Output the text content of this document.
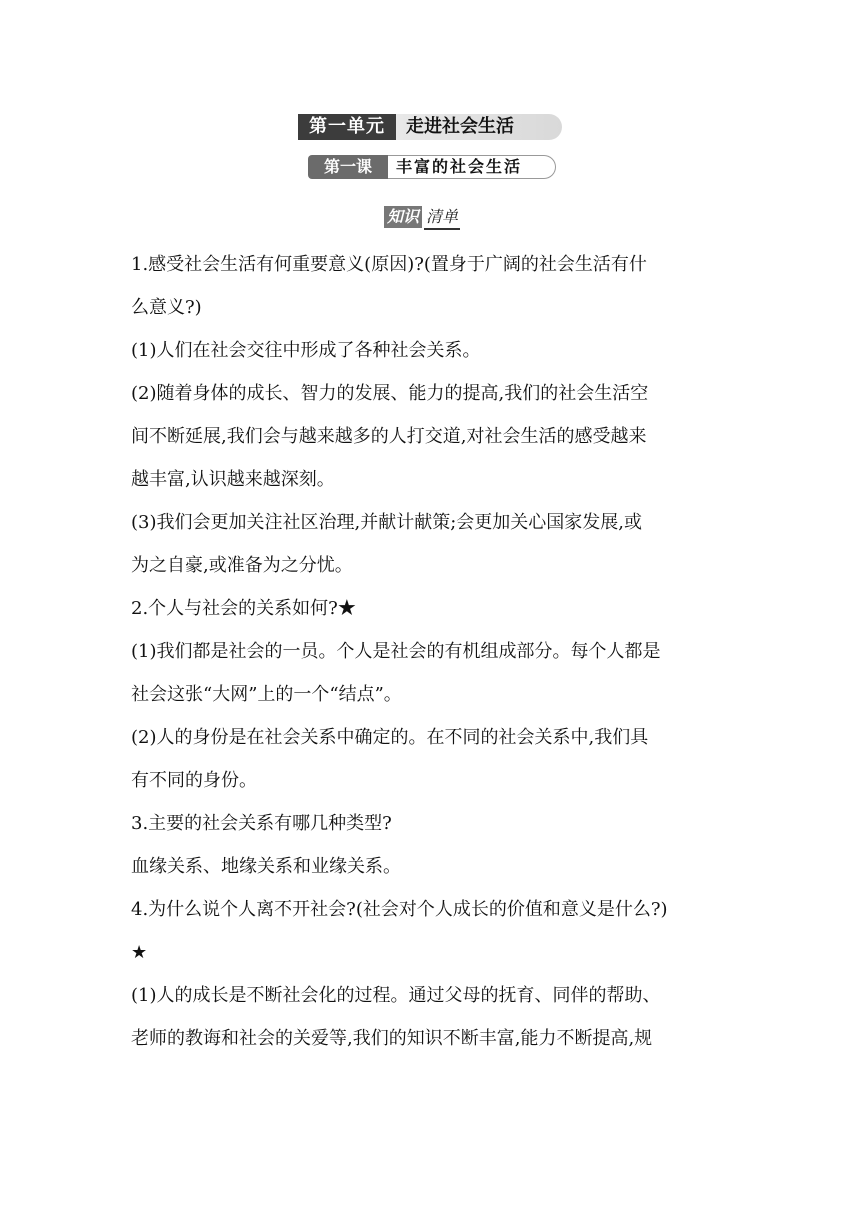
第一单元	走进社会生活
第一课	丰富的社会生活
知识 清单
1.感受社会生活有何重要意义(原因)?(置身于广阔的社会生活有什
么意义?)
(1)人们在社会交往中形成了各种社会关系。
(2)随着身体的成长、智力的发展、能力的提高,我们的社会生活空
间不断延展,我们会与越来越多的人打交道,对社会生活的感受越来
越丰富,认识越来越深刻。
(3)我们会更加关注社区治理,并献计献策;会更加关心国家发展,或
为之自豪,或准备为之分忧。
2.个人与社会的关系如何?★
(1)我们都是社会的一员。个人是社会的有机组成部分。每个人都是
社会这张“大网”上的一个“结点”。
(2)人的身份是在社会关系中确定的。在不同的社会关系中,我们具
有不同的身份。
3.主要的社会关系有哪几种类型?
血缘关系、地缘关系和业缘关系。
4.为什么说个人离不开社会?(社会对个人成长的价值和意义是什么?)
★
(1)人的成长是不断社会化的过程。通过父母的抚育、同伴的帮助、
老师的教诲和社会的关爱等,我们的知识不断丰富,能力不断提高,规
